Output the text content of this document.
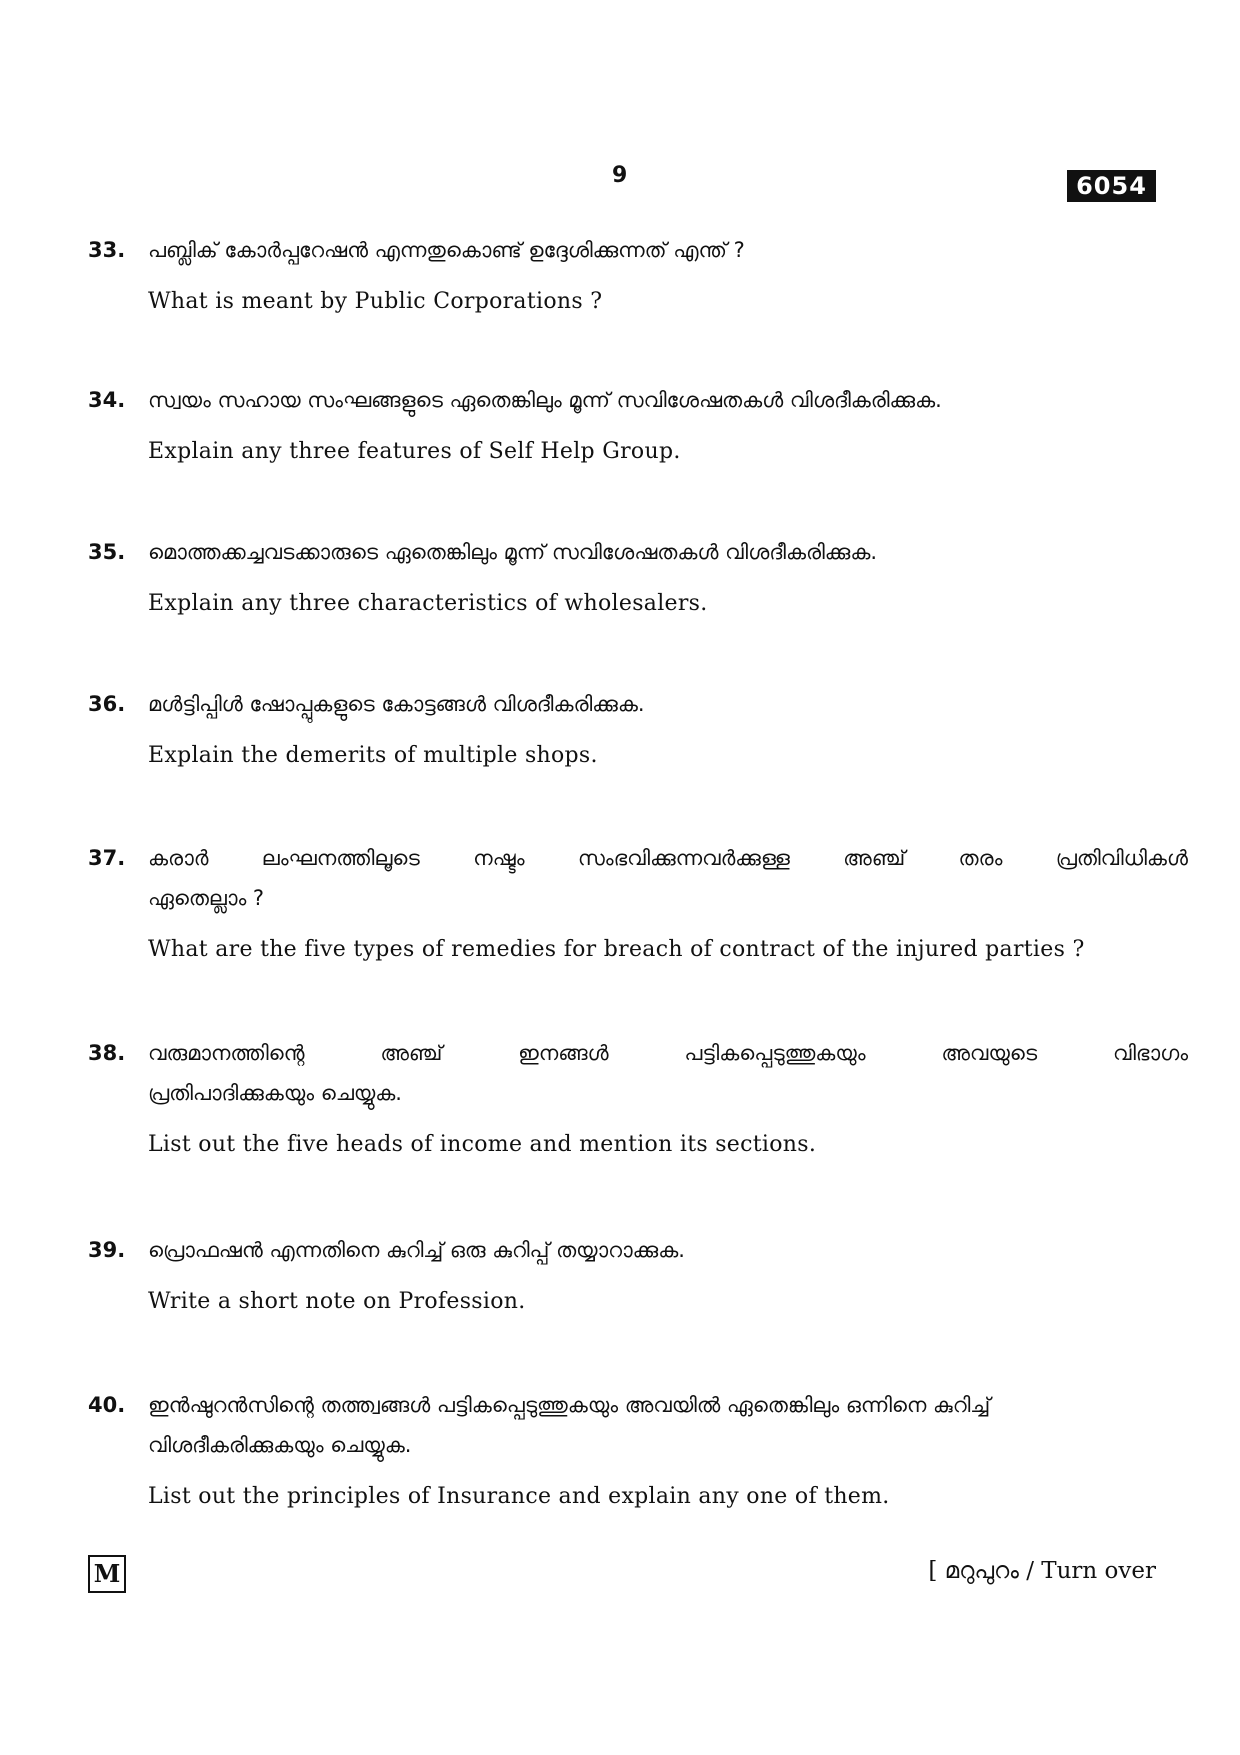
9	6054
33. പബ്ലിക് കോർപ്പറേഷൻ എന്നതുകൊണ്ട് ഉദ്ദേശിക്കുന്നത് എന്ത് ?

What is meant by Public Corporations ?

34. സ്വയം സഹായ സംഘങ്ങളുടെ ഏതെങ്കിലും മൂന്ന് സവിശേഷതകൾ വിശദീകരിക്കുക.

Explain any three features of Self Help Group.

35. മൊത്തക്കച്ചവടക്കാരുടെ ഏതെങ്കിലും മൂന്ന് സവിശേഷതകൾ വിശദീകരിക്കുക.

Explain any three characteristics of wholesalers.

36. മൾട്ടിപ്പിൾ ഷോപ്പുകളുടെ കോട്ടങ്ങൾ വിശദീകരിക്കുക.

Explain the demerits of multiple shops.

37. കരാർ ലംഘനത്തിലൂടെ നഷ്ടം സംഭവിക്കുന്നവർക്കുള്ള അഞ്ച് തരം പ്രതിവിധികൾ

ഏതെല്ലാം ?

What are the five types of remedies for breach of contract of the injured parties ?

38. വരുമാനത്തിന്റെ അഞ്ച് ഇനങ്ങൾ പട്ടികപ്പെടുത്തുകയും അവയുടെ വിഭാഗം

പ്രതിപാദിക്കുകയും ചെയ്യുക.

List out the five heads of income and mention its sections.

39. പ്രൊഫഷൻ എന്നതിനെ കുറിച്ച് ഒരു കുറിപ്പ് തയ്യാറാക്കുക.

Write a short note on Profession.

40. ഇൻഷുറൻസിന്റെ തത്ത്വങ്ങൾ പട്ടികപ്പെടുത്തുകയും അവയിൽ ഏതെങ്കിലും ഒന്നിനെ കുറിച്ച്

വിശദീകരിക്കുകയും ചെയ്യുക.

List out the principles of Insurance and explain any one of them.

M	[ മറുപുറം / Turn over
